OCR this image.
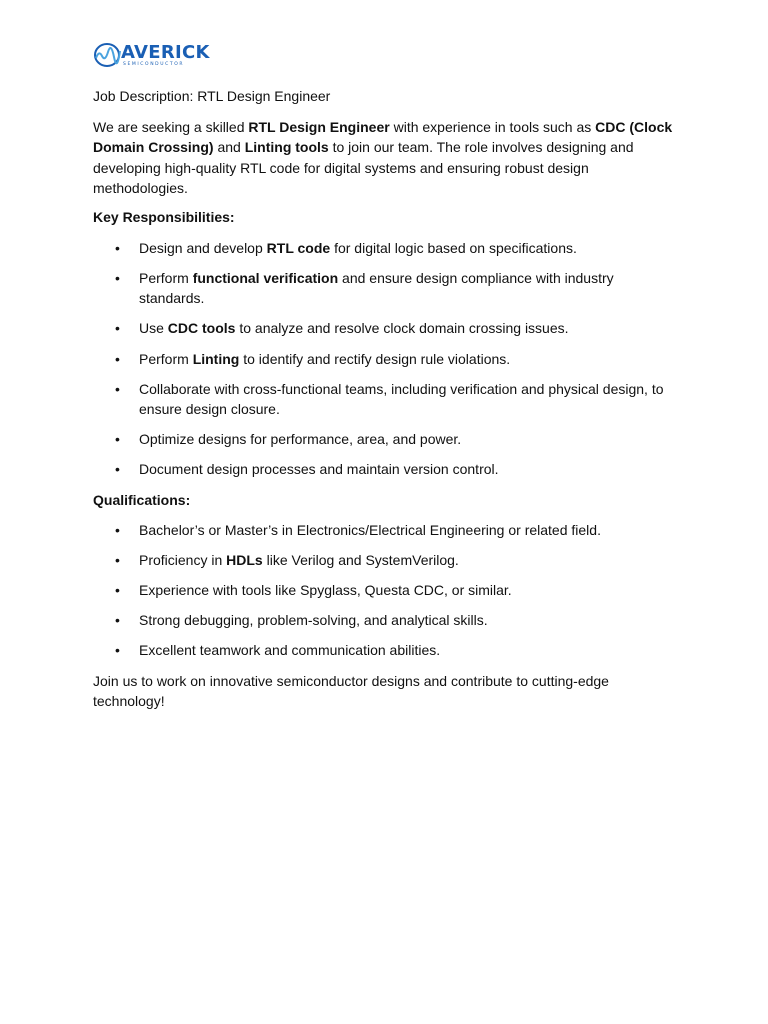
AVERICK
SEMICONDUCTOR
Job Description: RTL Design Engineer

We are seeking a skilled RTL Design Engineer with experience in tools such as CDC (Clock Domain Crossing) and Linting tools to join our team. The role involves designing and developing high-quality RTL code for digital systems and ensuring robust design methodologies.

Key Responsibilities:
• Design and develop RTL code for digital logic based on specifications.
• Perform functional verification and ensure design compliance with industry standards.
• Use CDC tools to analyze and resolve clock domain crossing issues.
• Perform Linting to identify and rectify design rule violations.
• Collaborate with cross-functional teams, including verification and physical design, to ensure design closure.
• Optimize designs for performance, area, and power.
• Document design processes and maintain version control.
Qualifications:
• Bachelor’s or Master’s in Electronics/Electrical Engineering or related field.
• Proficiency in HDLs like Verilog and SystemVerilog.
• Experience with tools like Spyglass, Questa CDC, or similar.
• Strong debugging, problem-solving, and analytical skills.
• Excellent teamwork and communication abilities.

Join us to work on innovative semiconductor designs and contribute to cutting-edge technology!
